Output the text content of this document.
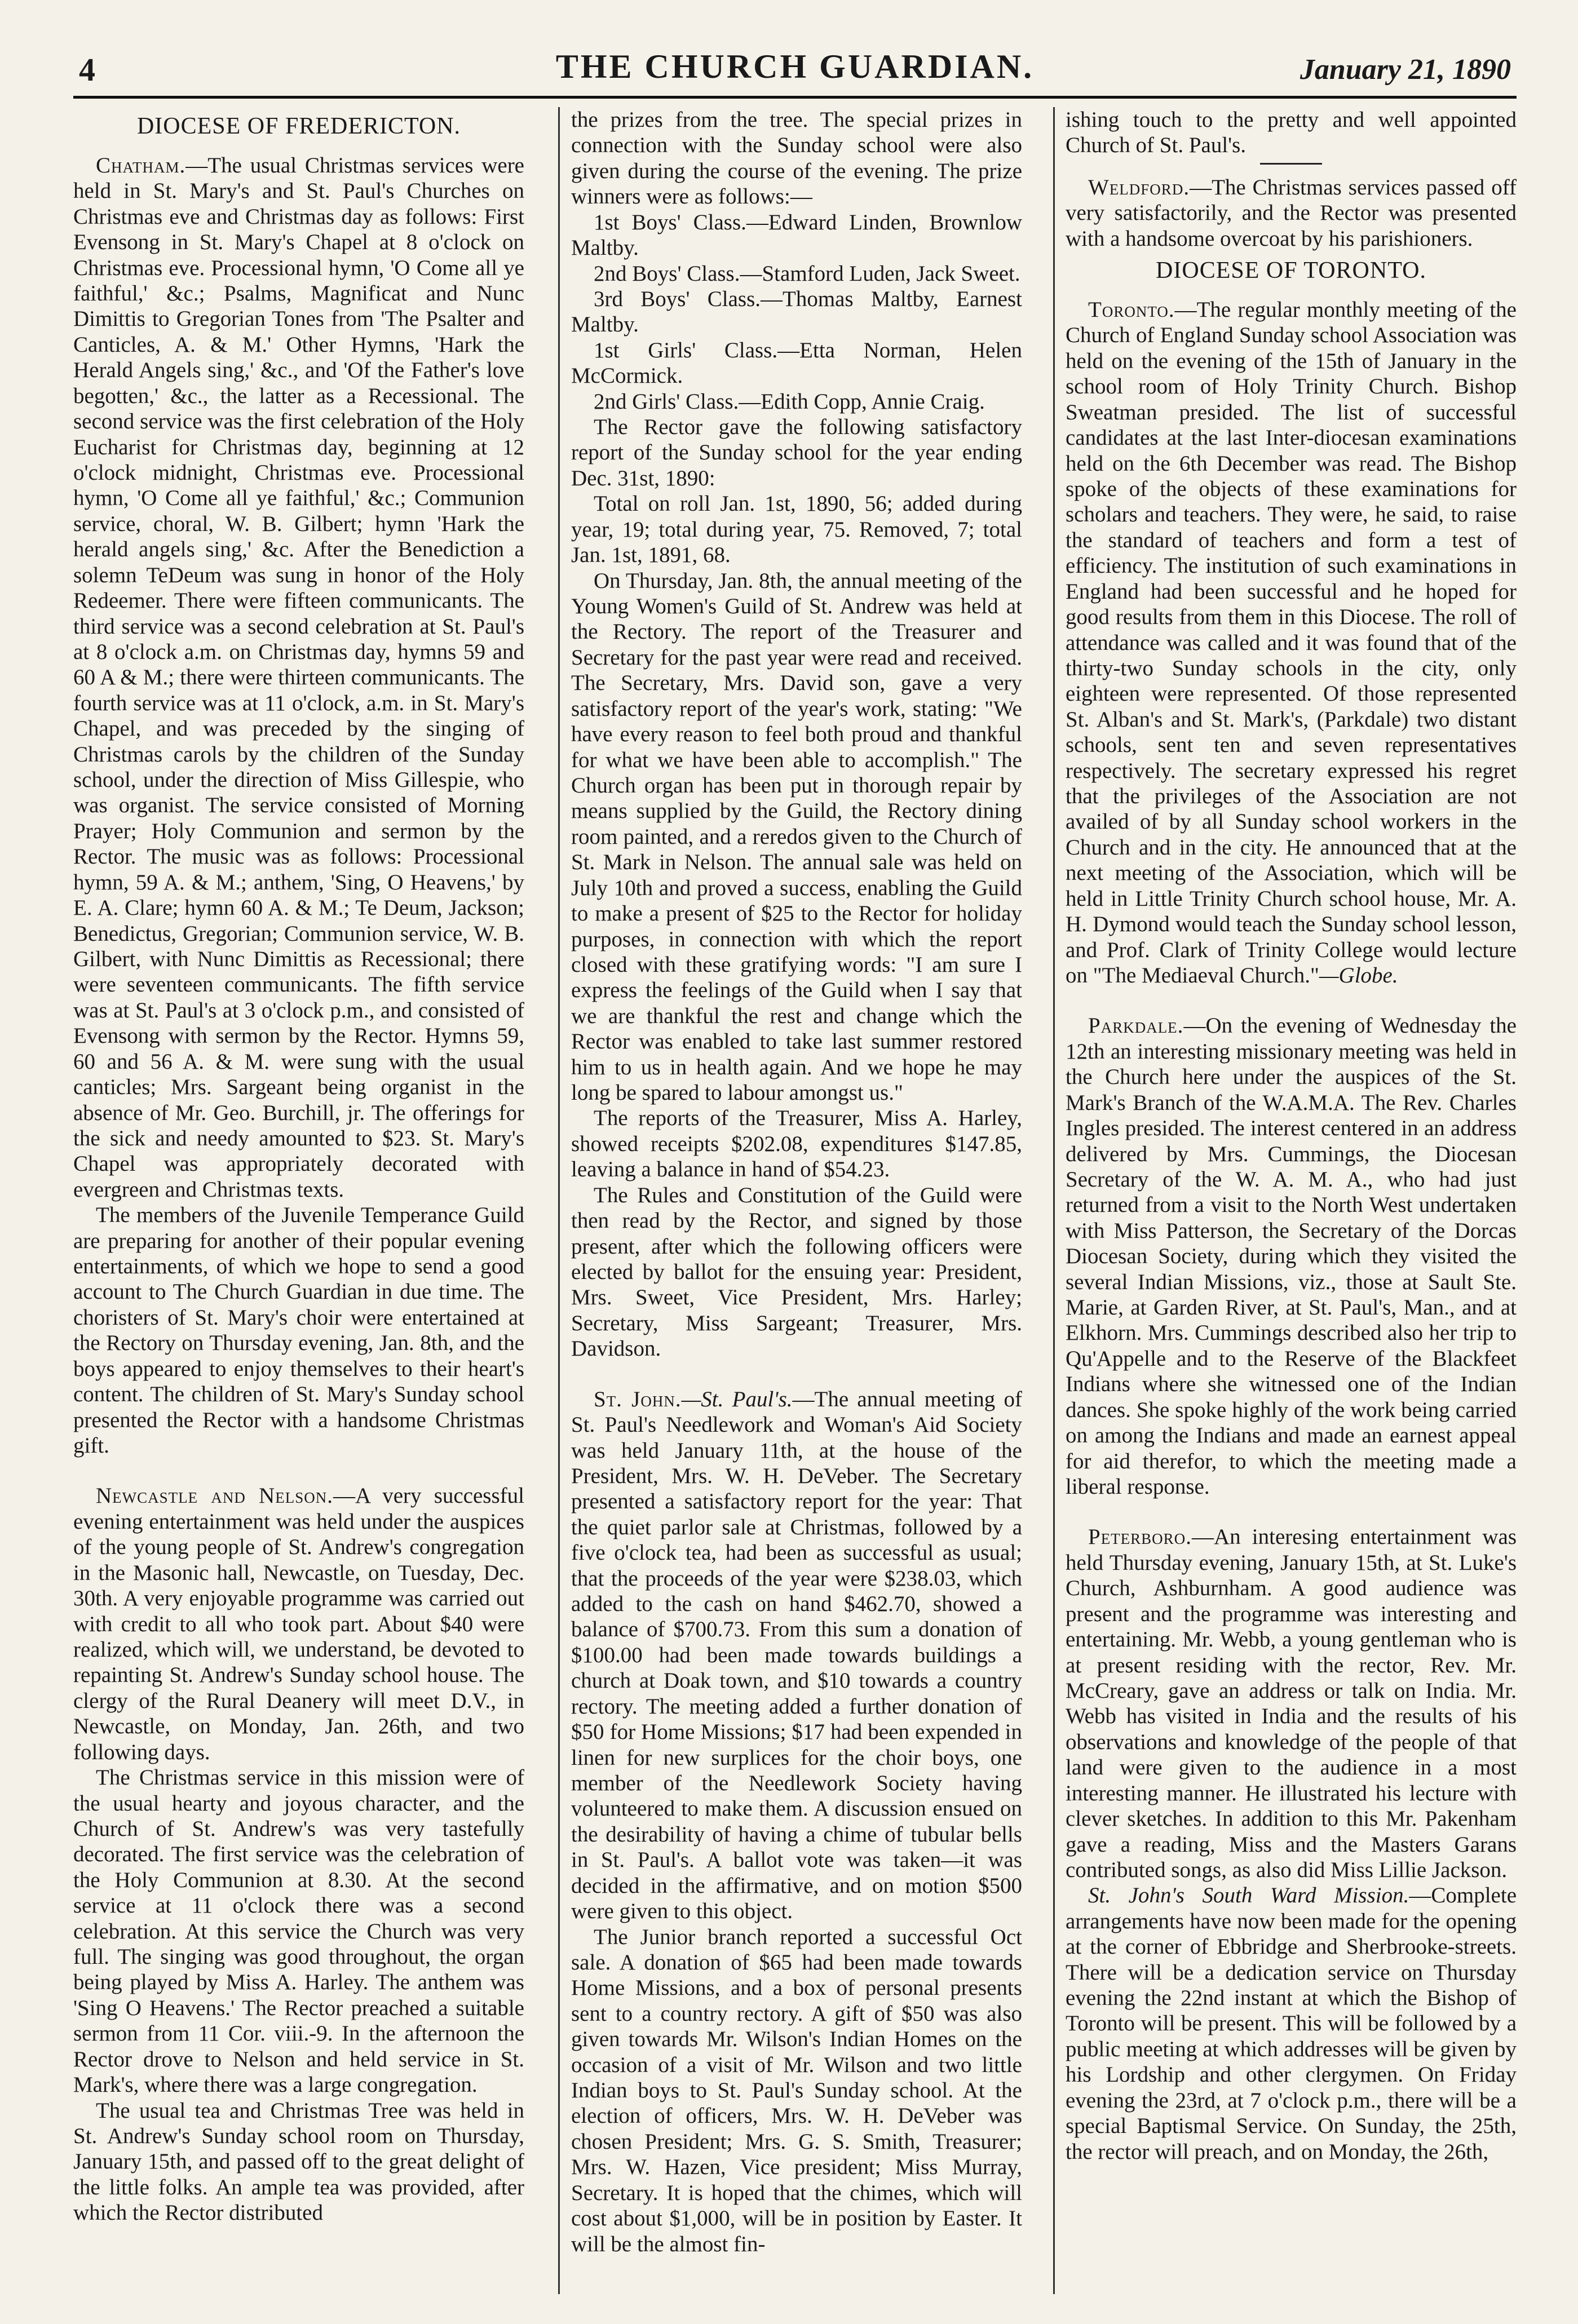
4	THE CHURCH GUARDIAN.	January 21, 1890
DIOCESE OF FREDERICTON.

Chatham.—The usual Christmas services were held in St. Mary's and St. Paul's Churches on Christmas eve and Christmas day as follows: First Evensong in St. Mary's Chapel at 8 o'clock on Christmas eve. Processional hymn, 'O Come all ye faithful,' &c.; Psalms, Magnificat and Nunc Dimittis to Gregorian Tones from 'The Psalter and Canticles, A. & M.' Other Hymns, 'Hark the Herald Angels sing,' &c., and 'Of the Father's love begotten,' &c., the latter as a Recessional. The second service was the first celebration of the Holy Eucharist for Christmas day, beginning at 12 o'clock midnight, Christmas eve. Processional hymn, 'O Come all ye faithful,' &c.; Communion service, choral, W. B. Gilbert; hymn 'Hark the herald angels sing,' &c. After the Benediction a solemn TeDeum was sung in honor of the Holy Redeemer. There were fifteen communicants. The third service was a second celebration at St. Paul's at 8 o'clock a.m. on Christmas day, hymns 59 and 60 A & M.; there were thirteen communicants. The fourth service was at 11 o'clock, a.m. in St. Mary's Chapel, and was preceded by the singing of Christmas carols by the children of the Sunday school, under the direction of Miss Gillespie, who was organist. The service consisted of Morning Prayer; Holy Communion and sermon by the Rector. The music was as follows: Processional hymn, 59 A. & M.; anthem, 'Sing, O Heavens,' by E. A. Clare; hymn 60 A. & M.; Te Deum, Jackson; Benedictus, Gregorian; Communion service, W. B. Gilbert, with Nunc Dimittis as Recessional; there were seventeen communicants. The fifth service was at St. Paul's at 3 o'clock p.m., and consisted of Evensong with sermon by the Rector. Hymns 59, 60 and 56 A. & M. were sung with the usual canticles; Mrs. Sargeant being organist in the absence of Mr. Geo. Burchill, jr. The offerings for the sick and needy amounted to $23. St. Mary's Chapel was appropriately decorated with evergreen and Christmas texts.

The members of the Juvenile Temperance Guild are preparing for another of their popular evening entertainments, of which we hope to send a good account to The Church Guardian in due time. The choristers of St. Mary's choir were entertained at the Rectory on Thursday evening, Jan. 8th, and the boys appeared to enjoy themselves to their heart's content. The children of St. Mary's Sunday school presented the Rector with a handsome Christmas gift.

Newcastle and Nelson.—A very successful evening entertainment was held under the auspices of the young people of St. Andrew's congregation in the Masonic hall, Newcastle, on Tuesday, Dec. 30th. A very enjoyable programme was carried out with credit to all who took part. About $40 were realized, which will, we understand, be devoted to repainting St. Andrew's Sunday school house. The clergy of the Rural Deanery will meet D.V., in Newcastle, on Monday, Jan. 26th, and two following days.

The Christmas service in this mission were of the usual hearty and joyous character, and the Church of St. Andrew's was very tastefully decorated. The first service was the celebration of the Holy Communion at 8.30. At the second service at 11 o'clock there was a second celebration. At this service the Church was very full. The singing was good throughout, the organ being played by Miss A. Harley. The anthem was 'Sing O Heavens.' The Rector preached a suitable sermon from 11 Cor. viii.-9. In the afternoon the Rector drove to Nelson and held service in St. Mark's, where there was a large congregation.

The usual tea and Christmas Tree was held in St. Andrew's Sunday school room on Thursday, January 15th, and passed off to the great delight of the little folks. An ample tea was provided, after which the Rector distributed

the prizes from the tree. The special prizes in connection with the Sunday school were also given during the course of the evening. The prize winners were as follows:—

1st Boys' Class.—Edward Linden, Brownlow Maltby.

2nd Boys' Class.—Stamford Luden, Jack Sweet.

3rd Boys' Class.—Thomas Maltby, Earnest Maltby.

1st Girls' Class.—Etta Norman, Helen McCormick.

2nd Girls' Class.—Edith Copp, Annie Craig.

The Rector gave the following satisfactory report of the Sunday school for the year ending Dec. 31st, 1890:

Total on roll Jan. 1st, 1890, 56; added during year, 19; total during year, 75. Removed, 7; total Jan. 1st, 1891, 68.

On Thursday, Jan. 8th, the annual meeting of the Young Women's Guild of St. Andrew was held at the Rectory. The report of the Treasurer and Secretary for the past year were read and received. The Secretary, Mrs. David son, gave a very satisfactory report of the year's work, stating: "We have every reason to feel both proud and thankful for what we have been able to accomplish." The Church organ has been put in thorough repair by means supplied by the Guild, the Rectory dining room painted, and a reredos given to the Church of St. Mark in Nelson. The annual sale was held on July 10th and proved a success, enabling the Guild to make a present of $25 to the Rector for holiday purposes, in connection with which the report closed with these gratifying words: "I am sure I express the feelings of the Guild when I say that we are thankful the rest and change which the Rector was enabled to take last summer restored him to us in health again. And we hope he may long be spared to labour amongst us."

The reports of the Treasurer, Miss A. Harley, showed receipts $202.08, expenditures $147.85, leaving a balance in hand of $54.23.

The Rules and Constitution of the Guild were then read by the Rector, and signed by those present, after which the following officers were elected by ballot for the ensuing year: President, Mrs. Sweet, Vice President, Mrs. Harley; Secretary, Miss Sargeant; Treasurer, Mrs. Davidson.

St. John.—St. Paul's.—The annual meeting of St. Paul's Needlework and Woman's Aid Society was held January 11th, at the house of the President, Mrs. W. H. DeVeber. The Secretary presented a satisfactory report for the year: That the quiet parlor sale at Christmas, followed by a five o'clock tea, had been as successful as usual; that the proceeds of the year were $238.03, which added to the cash on hand $462.70, showed a balance of $700.73. From this sum a donation of $100.00 had been made towards buildings a church at Doak town, and $10 towards a country rectory. The meeting added a further donation of $50 for Home Missions; $17 had been expended in linen for new surplices for the choir boys, one member of the Needlework Society having volunteered to make them. A discussion ensued on the desirability of having a chime of tubular bells in St. Paul's. A ballot vote was taken—it was decided in the affirmative, and on motion $500 were given to this object.

The Junior branch reported a successful Oct sale. A donation of $65 had been made towards Home Missions, and a box of personal presents sent to a country rectory. A gift of $50 was also given towards Mr. Wilson's Indian Homes on the occasion of a visit of Mr. Wilson and two little Indian boys to St. Paul's Sunday school. At the election of officers, Mrs. W. H. DeVeber was chosen President; Mrs. G. S. Smith, Treasurer; Mrs. W. Hazen, Vice president; Miss Murray, Secretary. It is hoped that the chimes, which will cost about $1,000, will be in position by Easter. It will be the almost fin-

ishing touch to the pretty and well appointed Church of St. Paul's.

Weldford.—The Christmas services passed off very satisfactorily, and the Rector was presented with a handsome overcoat by his parishioners.

DIOCESE OF TORONTO.

Toronto.—The regular monthly meeting of the Church of England Sunday school Association was held on the evening of the 15th of January in the school room of Holy Trinity Church. Bishop Sweatman presided. The list of successful candidates at the last Inter-diocesan examinations held on the 6th December was read. The Bishop spoke of the objects of these examinations for scholars and teachers. They were, he said, to raise the standard of teachers and form a test of efficiency. The institution of such examinations in England had been successful and he hoped for good results from them in this Diocese. The roll of attendance was called and it was found that of the thirty-two Sunday schools in the city, only eighteen were represented. Of those represented St. Alban's and St. Mark's, (Parkdale) two distant schools, sent ten and seven representatives respectively. The secretary expressed his regret that the privileges of the Association are not availed of by all Sunday school workers in the Church and in the city. He announced that at the next meeting of the Association, which will be held in Little Trinity Church school house, Mr. A. H. Dymond would teach the Sunday school lesson, and Prof. Clark of Trinity College would lecture on "The Mediaeval Church."—Globe.

Parkdale.—On the evening of Wednesday the 12th an interesting missionary meeting was held in the Church here under the auspices of the St. Mark's Branch of the W.A.M.A. The Rev. Charles Ingles presided. The interest centered in an address delivered by Mrs. Cummings, the Diocesan Secretary of the W. A. M. A., who had just returned from a visit to the North West undertaken with Miss Patterson, the Secretary of the Dorcas Diocesan Society, during which they visited the several Indian Missions, viz., those at Sault Ste. Marie, at Garden River, at St. Paul's, Man., and at Elkhorn. Mrs. Cummings described also her trip to Qu'Appelle and to the Reserve of the Blackfeet Indians where she witnessed one of the Indian dances. She spoke highly of the work being carried on among the Indians and made an earnest appeal for aid therefor, to which the meeting made a liberal response.

Peterboro.—An interesing entertainment was held Thursday evening, January 15th, at St. Luke's Church, Ashburnham. A good audience was present and the programme was interesting and entertaining. Mr. Webb, a young gentleman who is at present residing with the rector, Rev. Mr. McCreary, gave an address or talk on India. Mr. Webb has visited in India and the results of his observations and knowledge of the people of that land were given to the audience in a most interesting manner. He illustrated his lecture with clever sketches. In addition to this Mr. Pakenham gave a reading, Miss and the Masters Garans contributed songs, as also did Miss Lillie Jackson.

St. John's South Ward Mission.—Complete arrangements have now been made for the opening at the corner of Ebbridge and Sherbrooke-streets. There will be a dedication service on Thursday evening the 22nd instant at which the Bishop of Toronto will be present. This will be followed by a public meeting at which addresses will be given by his Lordship and other clergymen. On Friday evening the 23rd, at 7 o'clock p.m., there will be a special Baptismal Service. On Sunday, the 25th, the rector will preach, and on Monday, the 26th,
